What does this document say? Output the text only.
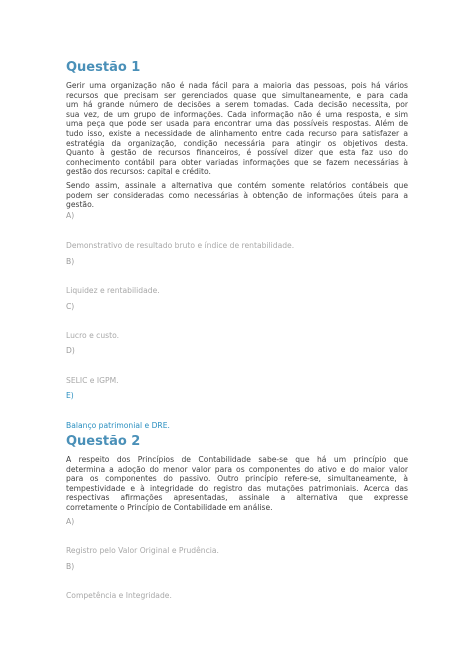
Questão 1
Gerir uma organização não é nada fácil para a maioria das pessoas, pois há vários
recursos que precisam ser gerenciados quase que simultaneamente, e para cada
um há grande número de decisões a serem tomadas. Cada decisão necessita, por
sua vez, de um grupo de informações. Cada informação não é uma resposta, e sim
uma peça que pode ser usada para encontrar uma das possíveis respostas. Além de
tudo isso, existe a necessidade de alinhamento entre cada recurso para satisfazer a
estratégia da organização, condição necessária para atingir os objetivos desta.
Quanto à gestão de recursos financeiros, é possível dizer que esta faz uso do
conhecimento contábil para obter variadas informações que se fazem necessárias à
gestão dos recursos: capital e crédito.
Sendo assim, assinale a alternativa que contém somente relatórios contábeis que
podem ser consideradas como necessárias à obtenção de informações úteis para a
gestão.
A)
Demonstrativo de resultado bruto e índice de rentabilidade.
B)
Liquidez e rentabilidade.
C)
Lucro e custo.
D)
SELIC e IGPM.
E)
Balanço patrimonial e DRE.
Questão 2
A respeito dos Princípios de Contabilidade sabe-se que há um princípio que
determina a adoção do menor valor para os componentes do ativo e do maior valor
para os componentes do passivo. Outro princípio refere-se, simultaneamente, à
tempestividade e à integridade do registro das mutações patrimoniais. Acerca das
respectivas afirmações apresentadas, assinale a alternativa que expresse
corretamente o Princípio de Contabilidade em análise.
A)
Registro pelo Valor Original e Prudência.
B)
Competência e Integridade.
